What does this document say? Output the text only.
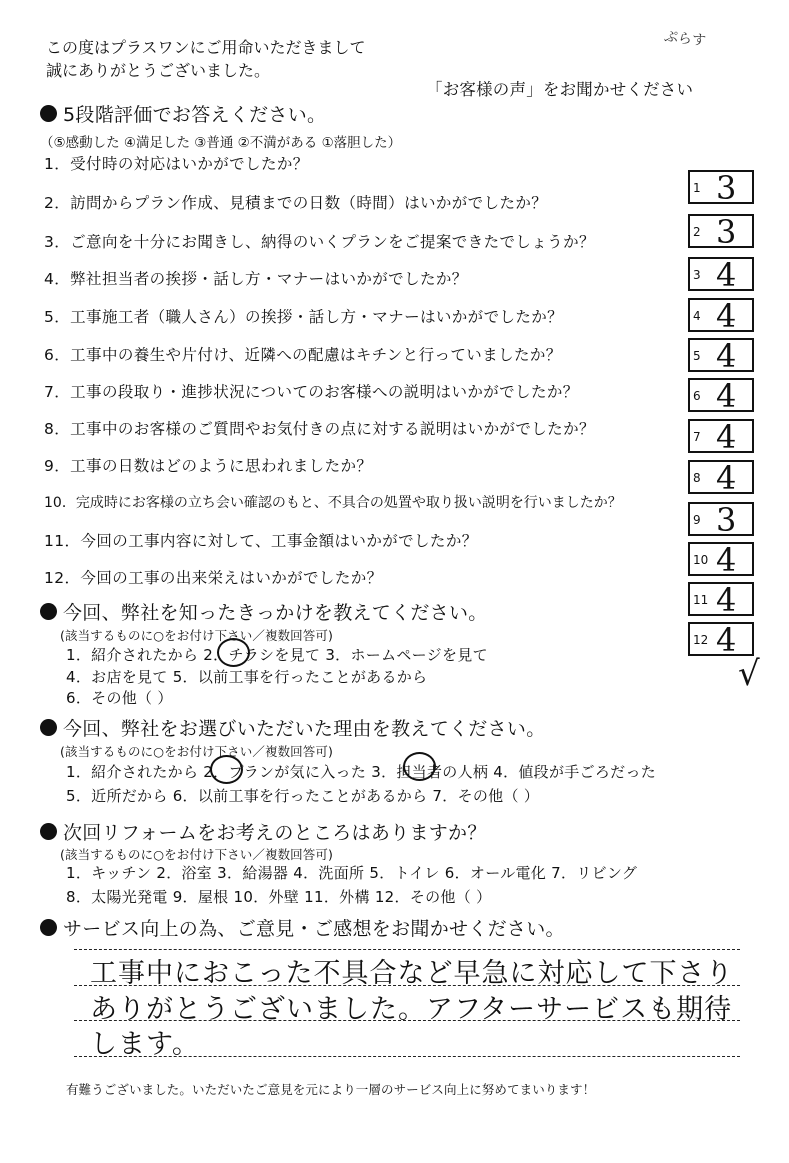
この度はプラスワンにご用命いただきまして
誠にありがとうございました。
ぷらす
「お客様の声」をお聞かせください
5段階評価でお答えください。
（⑤感動した ④満足した ③普通 ②不満がある ①落胆した）
1．受付時の対応はいかがでしたか？
2．訪問からプラン作成、見積までの日数（時間）はいかがでしたか？
3．ご意向を十分にお聞きし、納得のいくプランをご提案できたでしょうか？
4．弊社担当者の挨拶・話し方・マナーはいかがでしたか？
5．工事施工者（職人さん）の挨拶・話し方・マナーはいかがでしたか？
6．工事中の養生や片付け、近隣への配慮はキチンと行っていましたか？
7．工事の段取り・進捗状況についてのお客様への説明はいかがでしたか？
8．工事中のお客様のご質問やお気付きの点に対する説明はいかがでしたか？
9．工事の日数はどのように思われましたか？
10．完成時にお客様の立ち会い確認のもと、不具合の処置や取り扱い説明を行いましたか？
11．今回の工事内容に対して、工事金額はいかがでしたか？
12．今回の工事の出来栄えはいかがでしたか？
1 3
2 3
3 4
4 4
5 4
6 4
7 4
8 4
9 3
10 4
11 4
12 4
√
今回、弊社を知ったきっかけを教えてください。
(該当するものに○をお付け下さい／複数回答可)
1．紹介されたから 2．チラシを見て 3．ホームページを見て
4．お店を見て 5．以前工事を行ったことがあるから
6．その他（ ）
今回、弊社をお選びいただいた理由を教えてください。
(該当するものに○をお付け下さい／複数回答可)
1．紹介されたから 2．プランが気に入った 3．担当者の人柄 4．値段が手ごろだった
5．近所だから 6．以前工事を行ったことがあるから 7．その他（ ）
次回リフォームをお考えのところはありますか？
(該当するものに○をお付け下さい／複数回答可)
1．キッチン 2．浴室 3．給湯器 4．洗面所 5．トイレ 6．オール電化 7．リビング
8．太陽光発電 9．屋根 10．外壁 11．外構 12．その他（ ）
サービス向上の為、ご意見・ご感想をお聞かせください。
工事中におこった不具合など早急に対応して下さり
ありがとうございました。アフターサービスも期待
します。
有難うございました。いただいたご意見を元により一層のサービス向上に努めてまいります！
